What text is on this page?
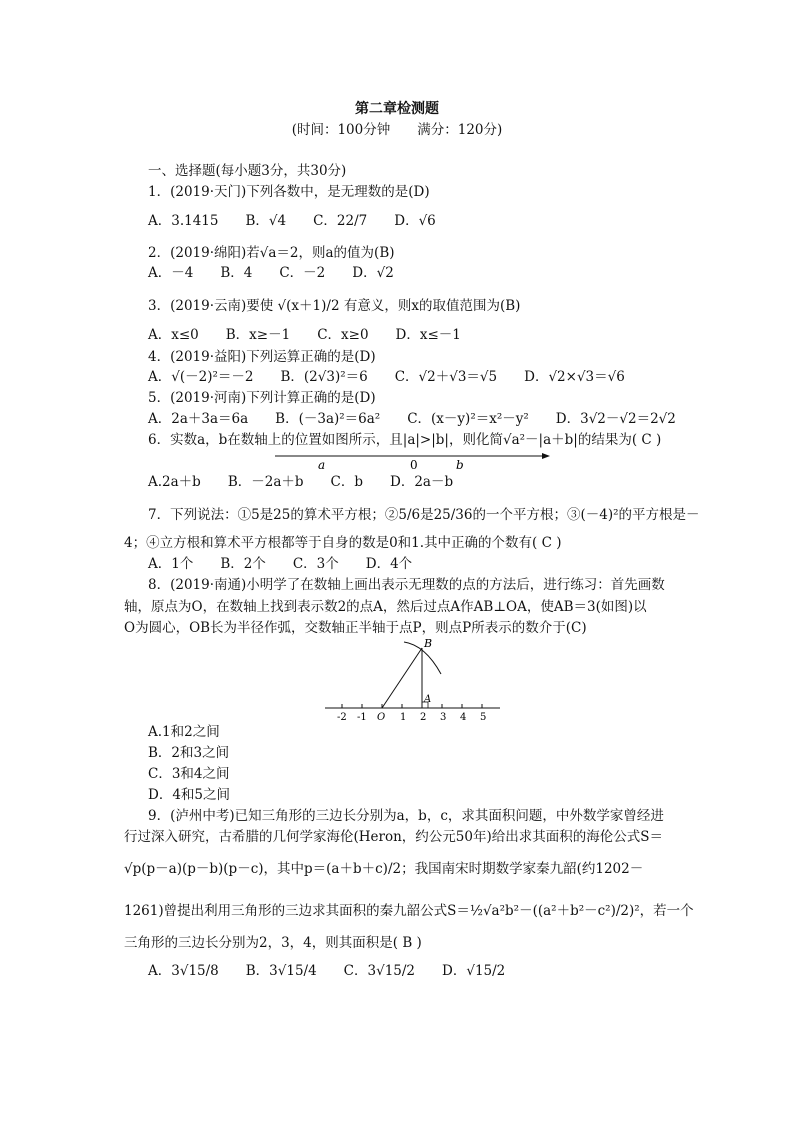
第二章检测题
(时间：100分钟　　满分：120分)
一、选择题(每小题3分，共30分)
1．(2019·天门)下列各数中，是无理数的是(D)
A．3.1415　　B．√4　　C．22/7　　D．√6
2．(2019·绵阳)若√a＝2，则a的值为(B)
A．－4　　B．4　　C．－2　　D．√2
3．(2019·云南)要使 √(x＋1)/2 有意义，则x的取值范围为(B)
A．x≤0　　B．x≥－1　　C．x≥0　　D．x≤－1
4．(2019·益阳)下列运算正确的是(D)
A．√(－2)²＝－2　　B．(2√3)²＝6　　C．√2＋√3＝√5　　D．√2×√3＝√6
5．(2019·河南)下列计算正确的是(D)
A．2a＋3a＝6a　　B．(－3a)²＝6a²　　C．(x－y)²＝x²－y²　　D．3√2－√2＝2√2
6．实数a，b在数轴上的位置如图所示，且|a|>|b|，则化简√a²－|a＋b|的结果为( C )
a	0	b
A.2a＋b　　B．－2a＋b　　C．b　　D．2a－b
7．下列说法：①5是25的算术平方根；②5/6是25/36的一个平方根；③(－4)²的平方根是－
4；④立方根和算术平方根都等于自身的数是0和1.其中正确的个数有( C )
A．1个　　B．2个　　C．3个　　D．4个
8．(2019·南通)小明学了在数轴上画出表示无理数的点的方法后，进行练习：首先画数
轴，原点为O，在数轴上找到表示数2的点A，然后过点A作AB⊥OA，使AB＝3(如图)以
O为圆心，OB长为半径作弧，交数轴正半轴于点P，则点P所表示的数介于(C)
B
A
-2 -1 O 1 2 3 4 5
A.1和2之间
B．2和3之间
C．3和4之间
D．4和5之间
9．(泸州中考)已知三角形的三边长分别为a，b，c，求其面积问题，中外数学家曾经进
行过深入研究，古希腊的几何学家海伦(Heron，约公元50年)给出求其面积的海伦公式S＝
√p(p－a)(p－b)(p－c)，其中p＝(a＋b＋c)/2；我国南宋时期数学家秦九韶(约1202－
1261)曾提出利用三角形的三边求其面积的秦九韶公式S＝½√a²b²－((a²＋b²－c²)/2)²，若一个
三角形的三边长分别为2，3，4，则其面积是( B )
A．3√15/8　　B．3√15/4　　C．3√15/2　　D．√15/2
